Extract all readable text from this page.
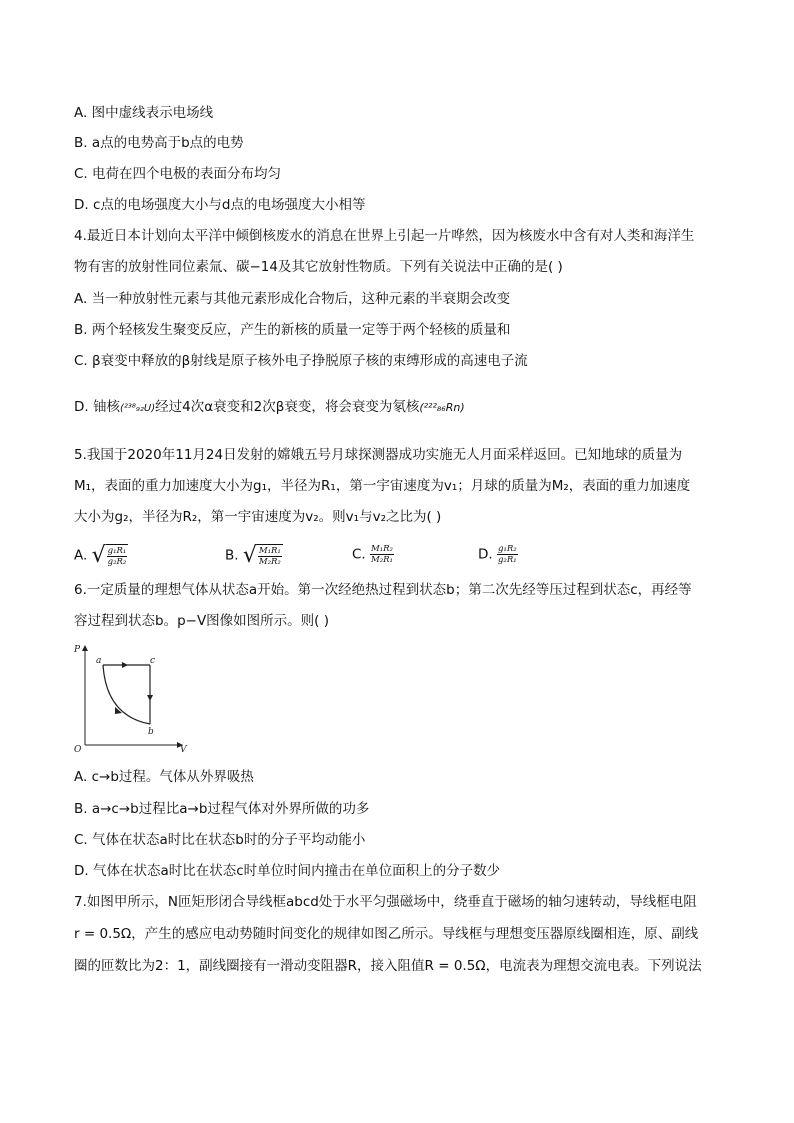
A. 图中虚线表示电场线
B. a点的电势高于b点的电势
C. 电荷在四个电极的表面分布均匀
D. c点的电场强度大小与d点的电场强度大小相等
4.最近日本计划向太平洋中倾倒核废水的消息在世界上引起一片哗然，因为核废水中含有对人类和海洋生
物有害的放射性同位素氚、碳−14及其它放射性物质。下列有关说法中正确的是( )
A. 当一种放射性元素与其他元素形成化合物后，这种元素的半衰期会改变
B. 两个轻核发生聚变反应，产生的新核的质量一定等于两个轻核的质量和
C. β衰变中释放的β射线是原子核外电子挣脱原子核的束缚形成的高速电子流
D. 铀核(²³⁸₉₂U)经过4次α衰变和2次β衰变，将会衰变为氡核(²²²₈₆Rn)
5.我国于2020年11月24日发射的嫦娥五号月球探测器成功实施无人月面采样返回。已知地球的质量为
M₁，表面的重力加速度大小为g₁，半径为R₁，第一宇宙速度为v₁；月球的质量为M₂，表面的重力加速度
大小为g₂，半径为R₂，第一宇宙速度为v₂。则v₁与v₂之比为( )
A. √ $\frac{\text{g₁R₁}}{\text{g₂R₂}}$	B. √ $\frac{\text{M₁R₁}}{\text{M₂R₂}}$	C. $\frac{\text{M₁R₂}}{\text{M₂R₁}}$	D. $\frac{\text{g₁R₂}}{\text{g₂R₁}}$
6.一定质量的理想气体从状态a开始。第一次经绝热过程到状态b；第二次先经等压过程到状态c，再经等
容过程到状态b。p−V图像如图所示。则( )
P
V
O
a	c
b
A. c→b过程。气体从外界吸热
B. a→c→b过程比a→b过程气体对外界所做的功多
C. 气体在状态a时比在状态b时的分子平均动能小
D. 气体在状态a时比在状态c时单位时间内撞击在单位面积上的分子数少
7.如图甲所示，N匝矩形闭合导线框abcd处于水平匀强磁场中，绕垂直于磁场的轴匀速转动，导线框电阻
r = 0.5Ω，产生的感应电动势随时间变化的规律如图乙所示。导线框与理想变压器原线圈相连，原、副线
圈的匝数比为2：1，副线圈接有一滑动变阻器R，接入阻值R = 0.5Ω，电流表为理想交流电表。下列说法
